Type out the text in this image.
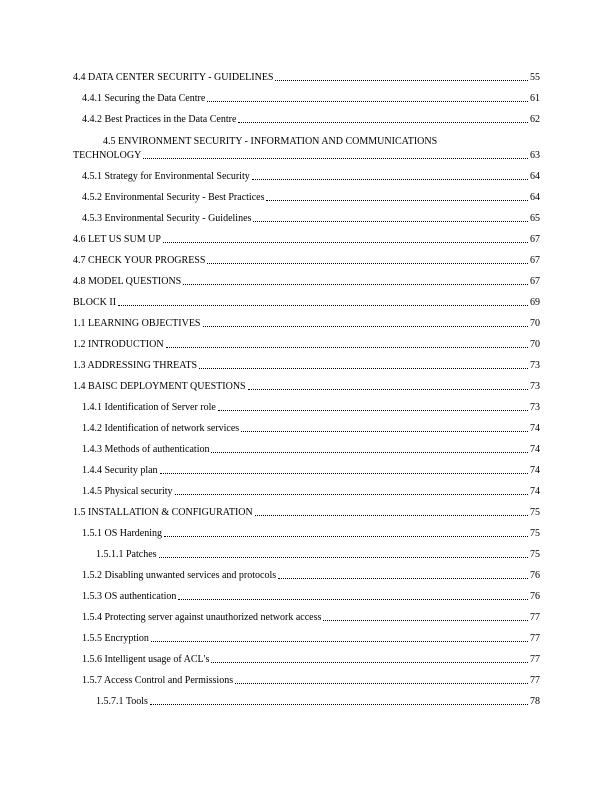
4.4 DATA CENTER SECURITY - GUIDELINES	55
4.4.1 Securing the Data Centre	61
4.4.2 Best Practices in the Data Centre	62
4.5 ENVIRONMENT SECURITY - INFORMATION AND COMMUNICATIONS
TECHNOLOGY	63
4.5.1 Strategy for Environmental Security	64
4.5.2 Environmental Security - Best Practices	64
4.5.3 Environmental Security - Guidelines	65
4.6 LET US SUM UP	67
4.7 CHECK YOUR PROGRESS	67
4.8 MODEL QUESTIONS	67
BLOCK II	69
1.1 LEARNING OBJECTIVES	70
1.2 INTRODUCTION	70
1.3 ADDRESSING THREATS	73
1.4 BAISC DEPLOYMENT QUESTIONS	73
1.4.1 Identification of Server role	73
1.4.2 Identification of network services	74
1.4.3 Methods of authentication	74
1.4.4 Security plan	74
1.4.5 Physical security	74
1.5 INSTALLATION & CONFIGURATION	75
1.5.1 OS Hardening	75
1.5.1.1 Patches	75
1.5.2 Disabling unwanted services and protocols	76
1.5.3 OS authentication	76
1.5.4 Protecting server against unauthorized network access	77
1.5.5 Encryption	77
1.5.6 Intelligent usage of ACL's	77
1.5.7 Access Control and Permissions	77
1.5.7.1 Tools	78
